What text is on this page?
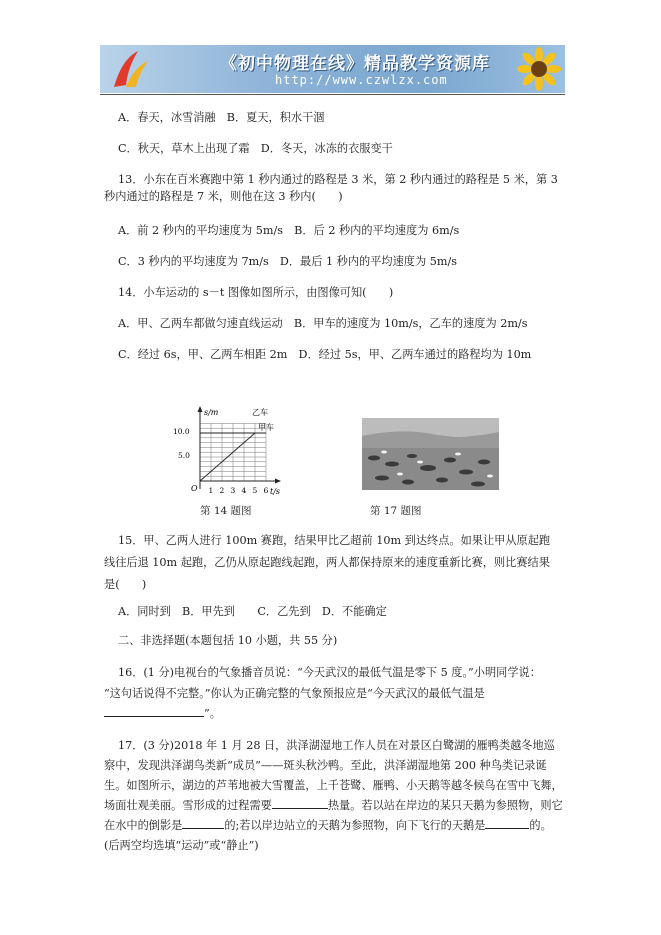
《初中物理在线》精品教学资源库
http://www.czwlzx.com
A．春天，冰雪消融　B．夏天，积水干涸
C．秋天，草木上出现了霜　D．冬天，冰冻的衣服变干
13．小东在百米赛跑中第 1 秒内通过的路程是 3 米，第 2 秒内通过的路程是 5 米，第 3
秒内通过的路程是 7 米，则他在这 3 秒内(　　)
A．前 2 秒内的平均速度为 5m/s　B．后 2 秒内的平均速度为 6m/s
C．3 秒内的平均速度为 7m/s　D．最后 1 秒内的平均速度为 5m/s
14．小车运动的 s－t 图像如图所示，由图像可知(　　)
A．甲、乙两车都做匀速直线运动　B．甲车的速度为 10m/s，乙车的速度为 2m/s
C．经过 6s，甲、乙两车相距 2m　D．经过 5s，甲、乙两车通过的路程均为 10m
s/m
t/s
10.0
5.0
O 1 2 3 4 5 6
乙车
甲车
第 14 题图	第 17 题图
15．甲、乙两人进行 100m 赛跑，结果甲比乙超前 10m 到达终点。如果让甲从原起跑
线往后退 10m 起跑，乙仍从原起跑线起跑，两人都保持原来的速度重新比赛，则比赛结果
是(　　)
A．同时到　B．甲先到　　C．乙先到　D．不能确定
二、非选择题(本题包括 10 小题，共 55 分)
16．(1 分)电视台的气象播音员说：“今天武汉的最低气温是零下 5 度。”小明同学说：
“这句话说得不完整。”你认为正确完整的气象预报应是“今天武汉的最低气温是
”。
17．(3 分)2018 年 1 月 28 日，洪泽湖湿地工作人员在对景区白鹭湖的雁鸭类越冬地巡
察中，发现洪泽湖鸟类新“成员”——斑头秋沙鸭。至此，洪泽湖湿地第 200 种鸟类记录诞
生。如图所示，湖边的芦苇地被大雪覆盖，上千苍鹭、雁鸭、小天鹅等越冬候鸟在雪中飞舞，
场面壮观美丽。雪形成的过程需要	热量。若以站在岸边的某只天鹅为参照物，则它
在水中的倒影是	的;若以岸边站立的天鹅为参照物，向下飞行的天鹅是	的。
(后两空均选填“运动”或“静止”)
